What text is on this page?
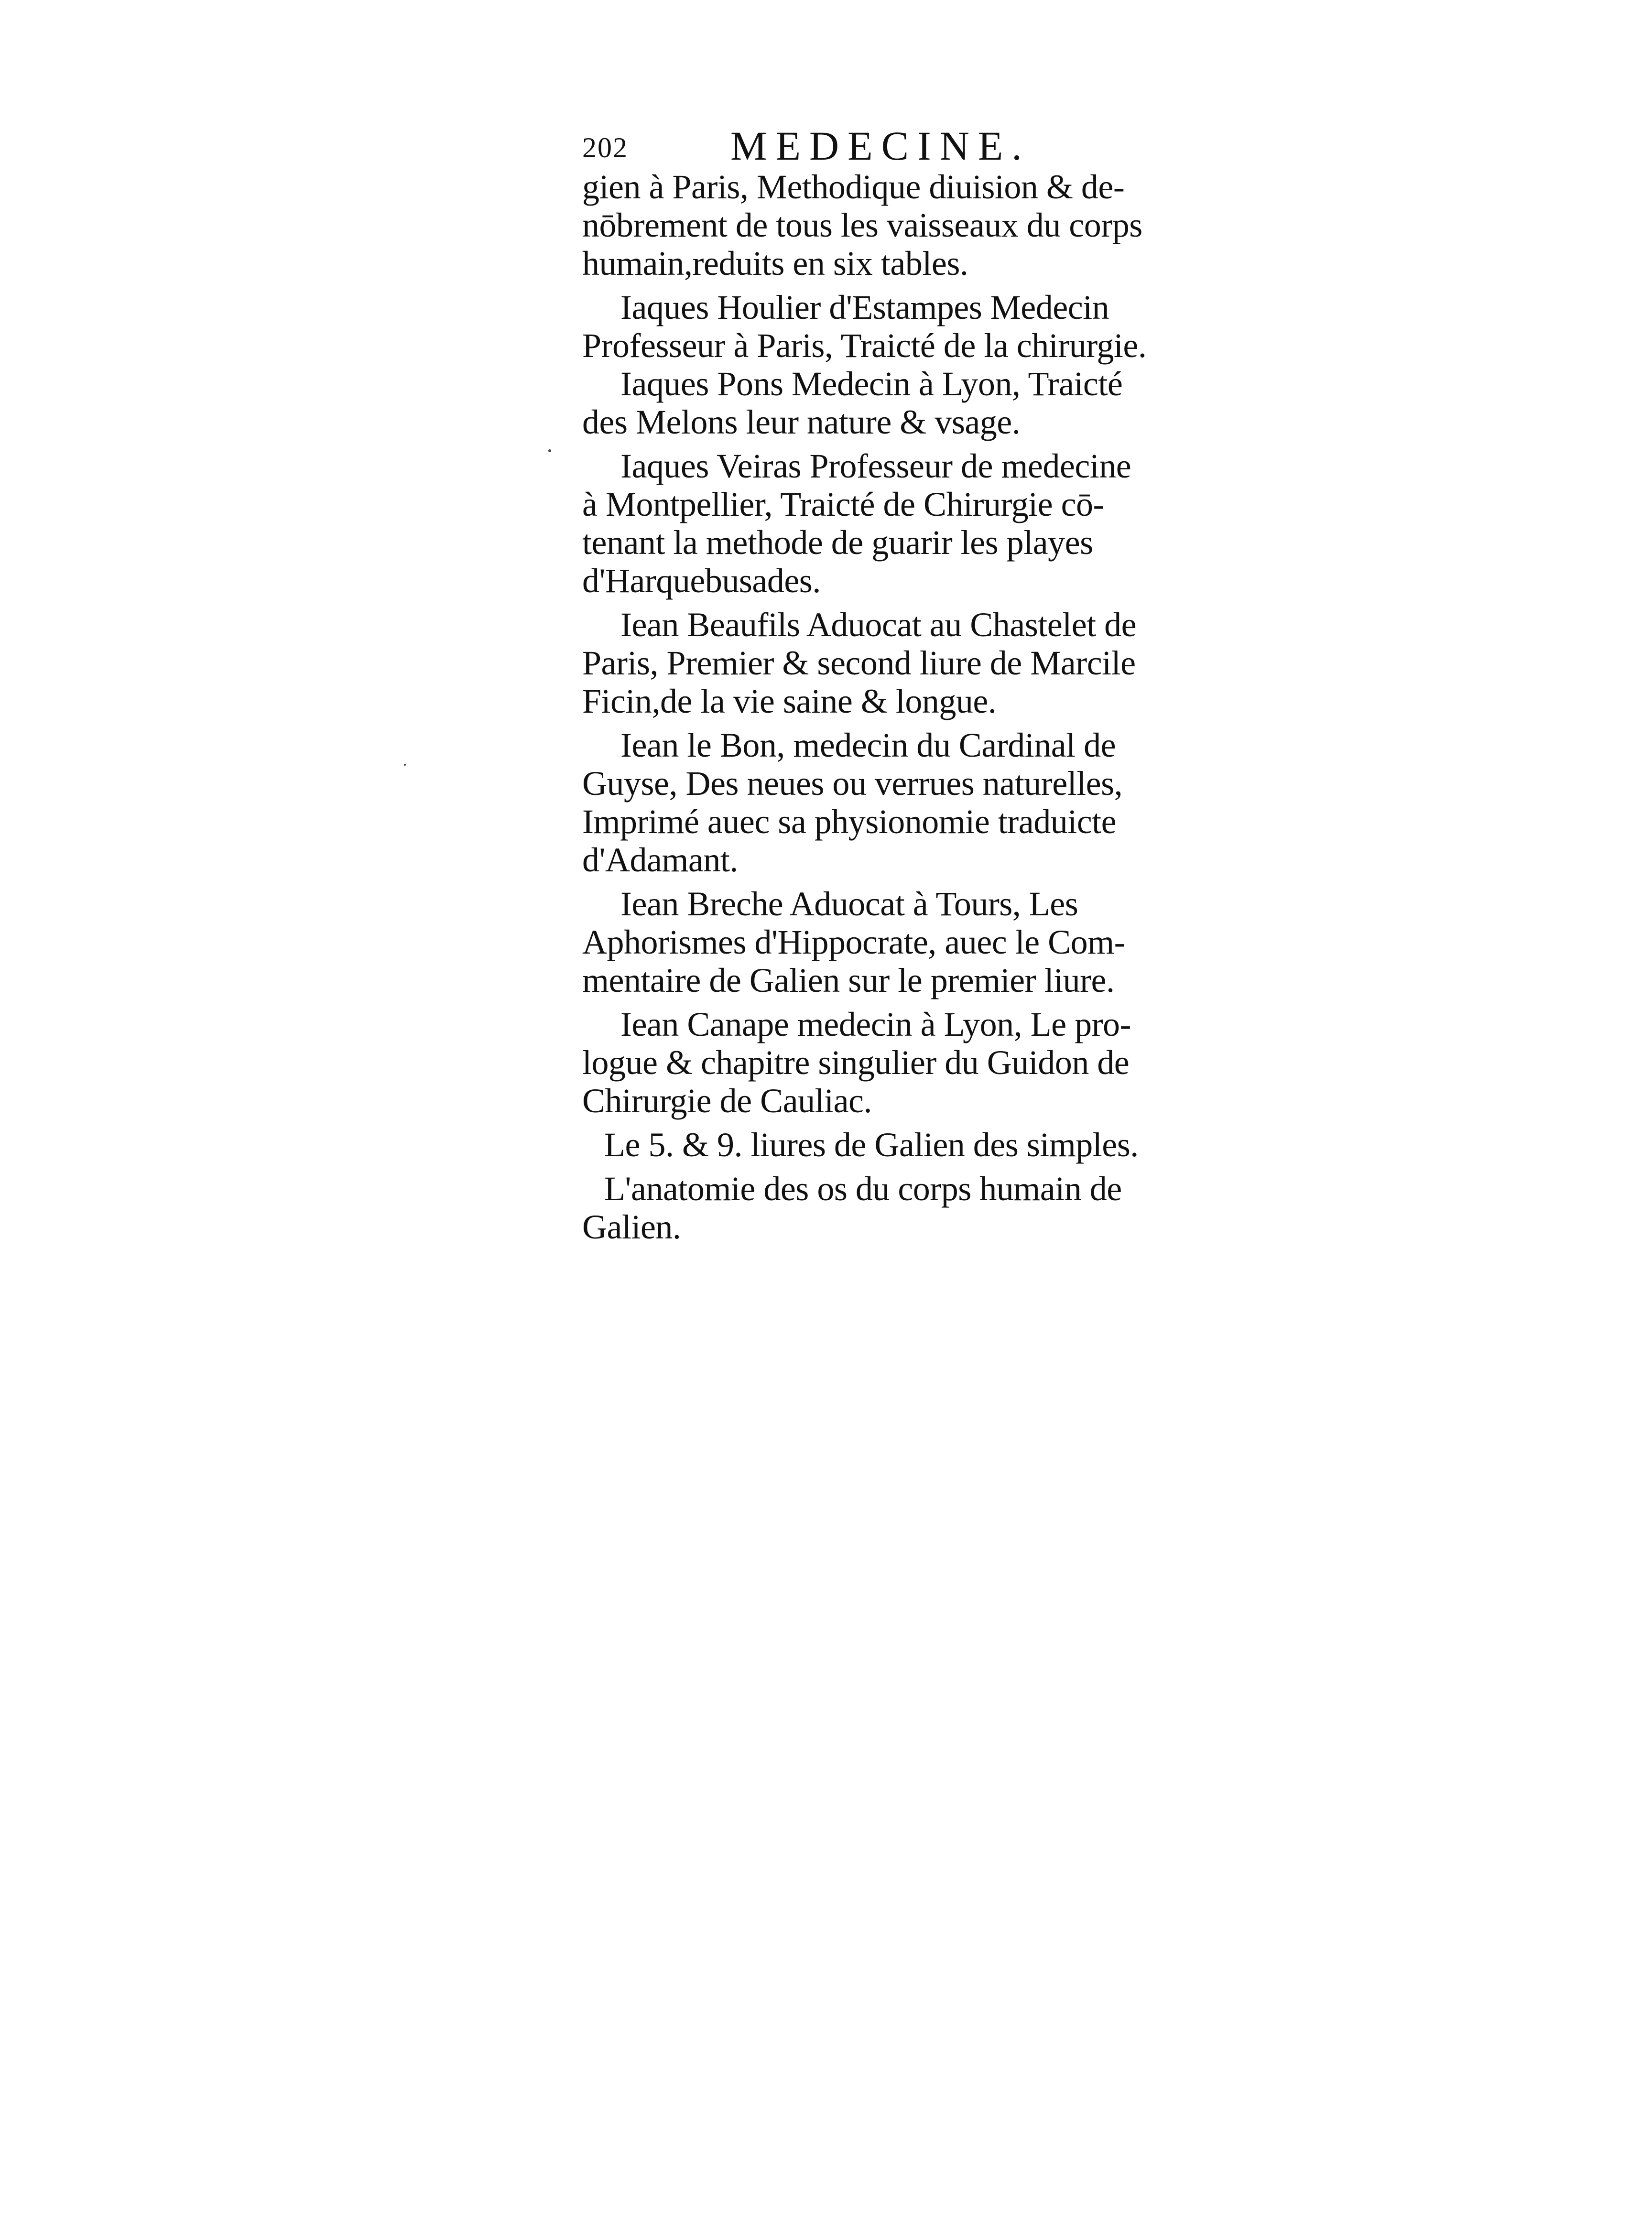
202 MEDECINE.
gien à Paris, Methodique diuision & de-
nōbrement de tous les vaisseaux du corps
humain,reduits en six tables.
Iaques Houlier d'Estampes Medecin
Professeur à Paris, Traicté de la chirurgie.
Iaques Pons Medecin à Lyon, Traicté
des Melons leur nature & vsage.
Iaques Veiras Professeur de medecine
à Montpellier, Traicté de Chirurgie cō-
tenant la methode de guarir les playes
d'Harquebusades.
Iean Beaufils Aduocat au Chastelet de
Paris, Premier & second liure de Marcile
Ficin,de la vie saine & longue.
Iean le Bon, medecin du Cardinal de
Guyse, Des neues ou verrues naturelles,
Imprimé auec sa physionomie traduicte
d'Adamant.
Iean Breche Aduocat à Tours, Les
Aphorismes d'Hippocrate, auec le Com-
mentaire de Galien sur le premier liure.
Iean Canape medecin à Lyon, Le pro-
logue & chapitre singulier du Guidon de
Chirurgie de Cauliac.
Le 5. & 9. liures de Galien des simples.
L'anatomie des os du corps humain de
Galien.
